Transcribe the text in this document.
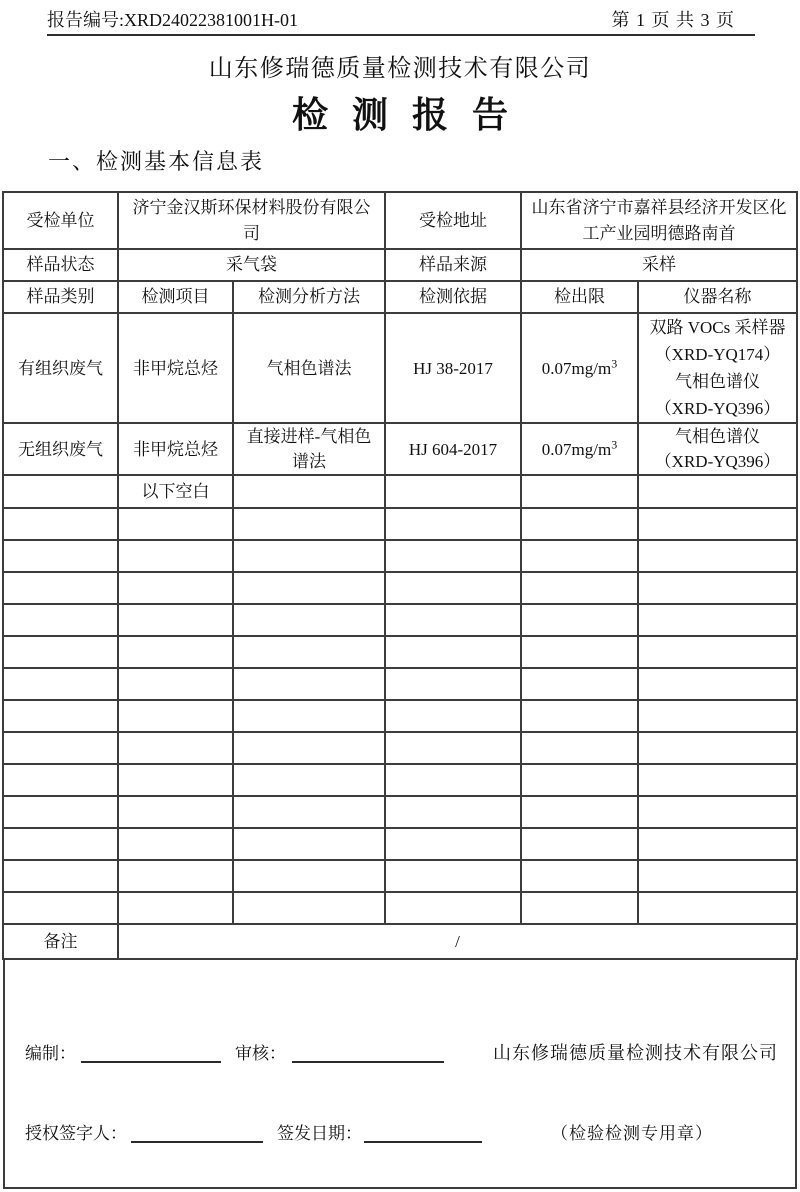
报告编号:XRD24022381001H-01	第 1 页 共 3 页
山东修瑞德质量检测技术有限公司
检测报告
一、检测基本信息表
受检单位	济宁金汉斯环保材料股份有限公司		受检地址	山东省济宁市嘉祥县经济开发区化工产业园明德路南首	
样品状态	采气袋		样品来源	采样	
样品类别	检测项目	检测分析方法	检测依据	检出限	仪器名称
有组织废气	非甲烷总烃	气相色谱法	HJ 38-2017	$0.07mg/m^3$	双路 VOCs 采样器
（XRD-YQ174）
气相色谱仪
（XRD-YQ396）

无组织废气	非甲烷总烃	直接进样-气相色谱法	HJ 604-2017	$0.07mg/m^3$	气相色谱仪
（XRD-YQ396）

	以下空白				

备注	/				
编制：	审核：	山东修瑞德质量检测技术有限公司
授权签字人：	签发日期：	（检验检测专用章）
